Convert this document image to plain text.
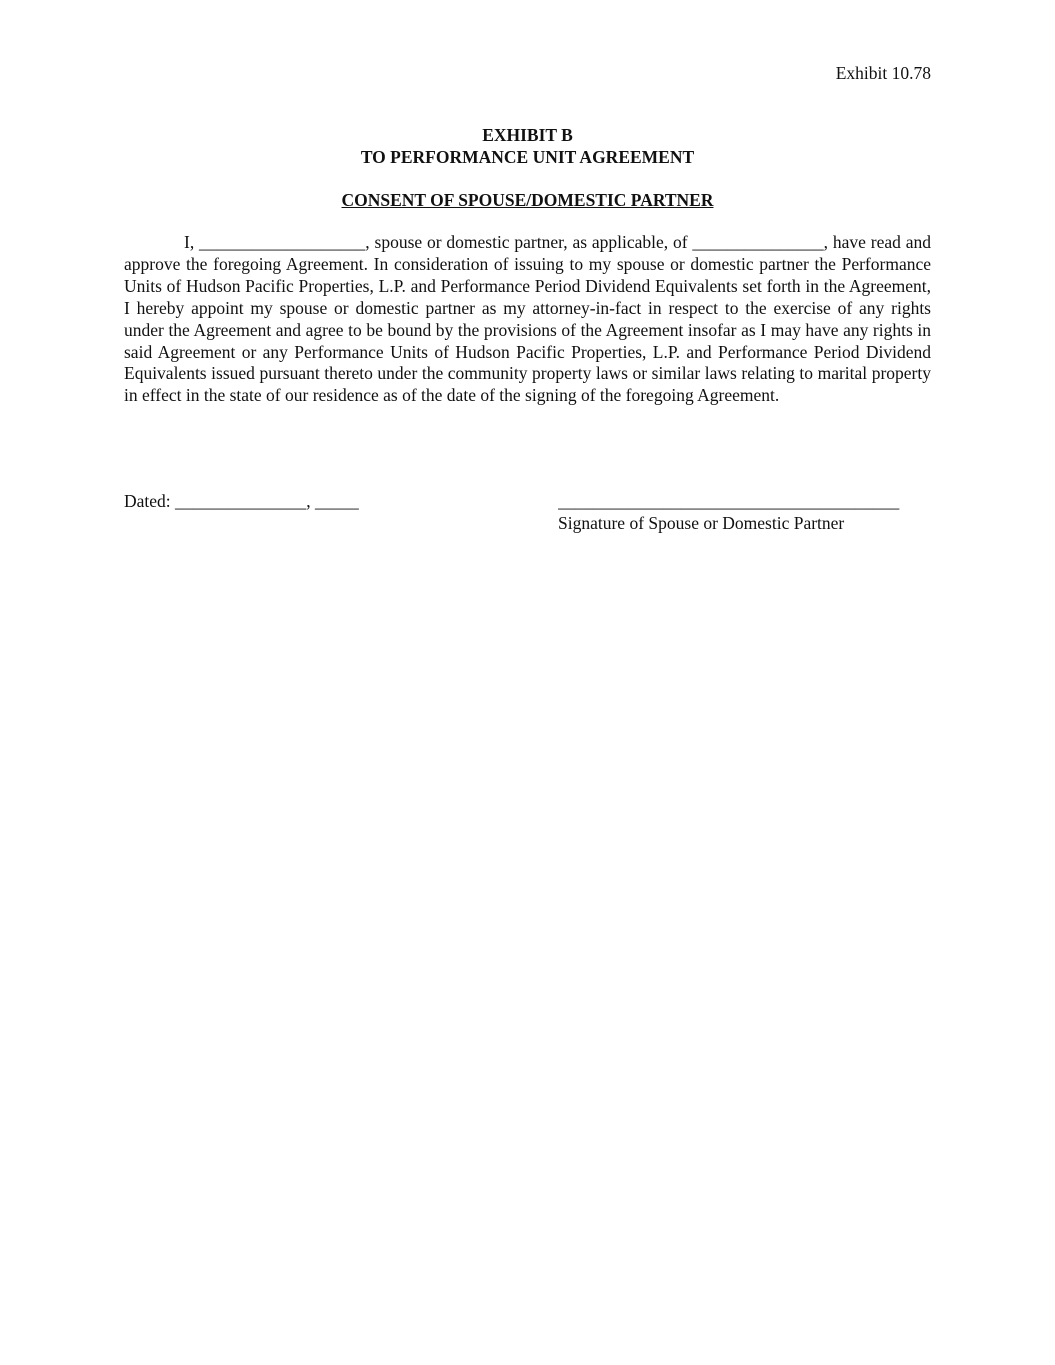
Exhibit 10.78
EXHIBIT B
TO PERFORMANCE UNIT AGREEMENT
CONSENT OF SPOUSE/DOMESTIC PARTNER

I, ___________________, spouse or domestic partner, as applicable, of _______________, have read and approve the foregoing Agreement. In consideration of issuing to my spouse or domestic partner the Performance Units of Hudson Pacific Properties, L.P. and Performance Period Dividend Equivalents set forth in the Agreement, I hereby appoint my spouse or domestic partner as my attorney-in-fact in respect to the exercise of any rights under the Agreement and agree to be bound by the provisions of the Agreement insofar as I may have any rights in said Agreement or any Performance Units of Hudson Pacific Properties, L.P. and Performance Period Dividend Equivalents issued pursuant thereto under the community property laws or similar laws relating to marital property in effect in the state of our residence as of the date of the signing of the foregoing Agreement.

Dated: _______________, _____	_______________________________________
Signature of Spouse or Domestic Partner
